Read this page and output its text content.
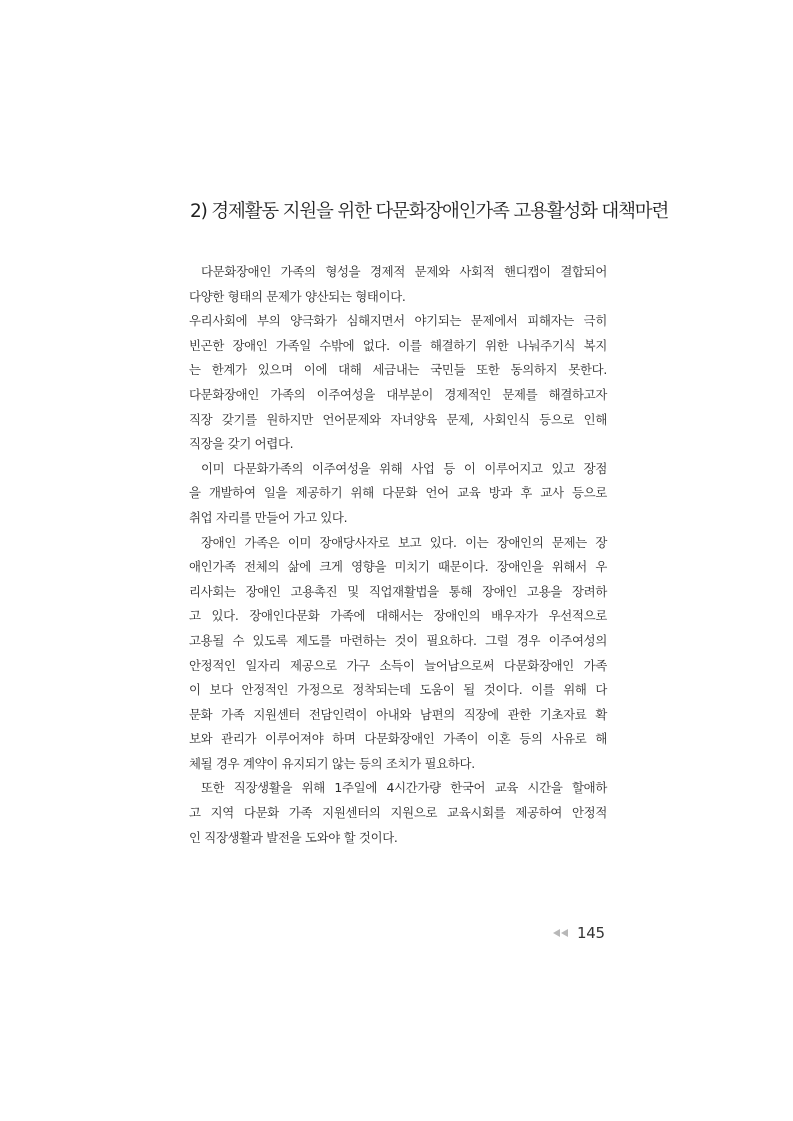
2) 경제활동 지원을 위한 다문화장애인가족 고용활성화 대책마련
다문화장애인 가족의 형성을 경제적 문제와 사회적 핸디캡이 결합되어
다양한 형태의 문제가 양산되는 형태이다.
우리사회에 부의 양극화가 심해지면서 야기되는 문제에서 피해자는 극히
빈곤한 장애인 가족일 수밖에 없다. 이를 해결하기 위한 나눠주기식 복지
는 한계가 있으며 이에 대해 세금내는 국민들 또한 동의하지 못한다.
다문화장애인 가족의 이주여성을 대부분이 경제적인 문제를 해결하고자
직장 갖기를 원하지만 언어문제와 자녀양육 문제, 사회인식 등으로 인해
직장을 갖기 어렵다.
이미 다문화가족의 이주여성을 위해 사업 등 이 이루어지고 있고 장점
을 개발하여 일을 제공하기 위해 다문화 언어 교육 방과 후 교사 등으로
취업 자리를 만들어 가고 있다.
장애인 가족은 이미 장애당사자로 보고 있다. 이는 장애인의 문제는 장
애인가족 전체의 삶에 크게 영향을 미치기 때문이다. 장애인을 위해서 우
리사회는 장애인 고용촉진 및 직업재활법을 통해 장애인 고용을 장려하
고 있다. 장애인다문화 가족에 대해서는 장애인의 배우자가 우선적으로
고용될 수 있도록 제도를 마련하는 것이 필요하다. 그럴 경우 이주여성의
안정적인 일자리 제공으로 가구 소득이 늘어남으로써 다문화장애인 가족
이 보다 안정적인 가정으로 정착되는데 도움이 될 것이다. 이를 위해 다
문화 가족 지원센터 전담인력이 아내와 남편의 직장에 관한 기초자료 확
보와 관리가 이루어져야 하며 다문화장애인 가족이 이혼 등의 사유로 해
체될 경우 계약이 유지되기 않는 등의 조치가 필요하다.
또한 직장생활을 위해 1주일에 4시간가량 한국어 교육 시간을 할애하
고 지역 다문화 가족 지원센터의 지원으로 교육시회를 제공하여 안정적
인 직장생활과 발전을 도와야 할 것이다.
145
